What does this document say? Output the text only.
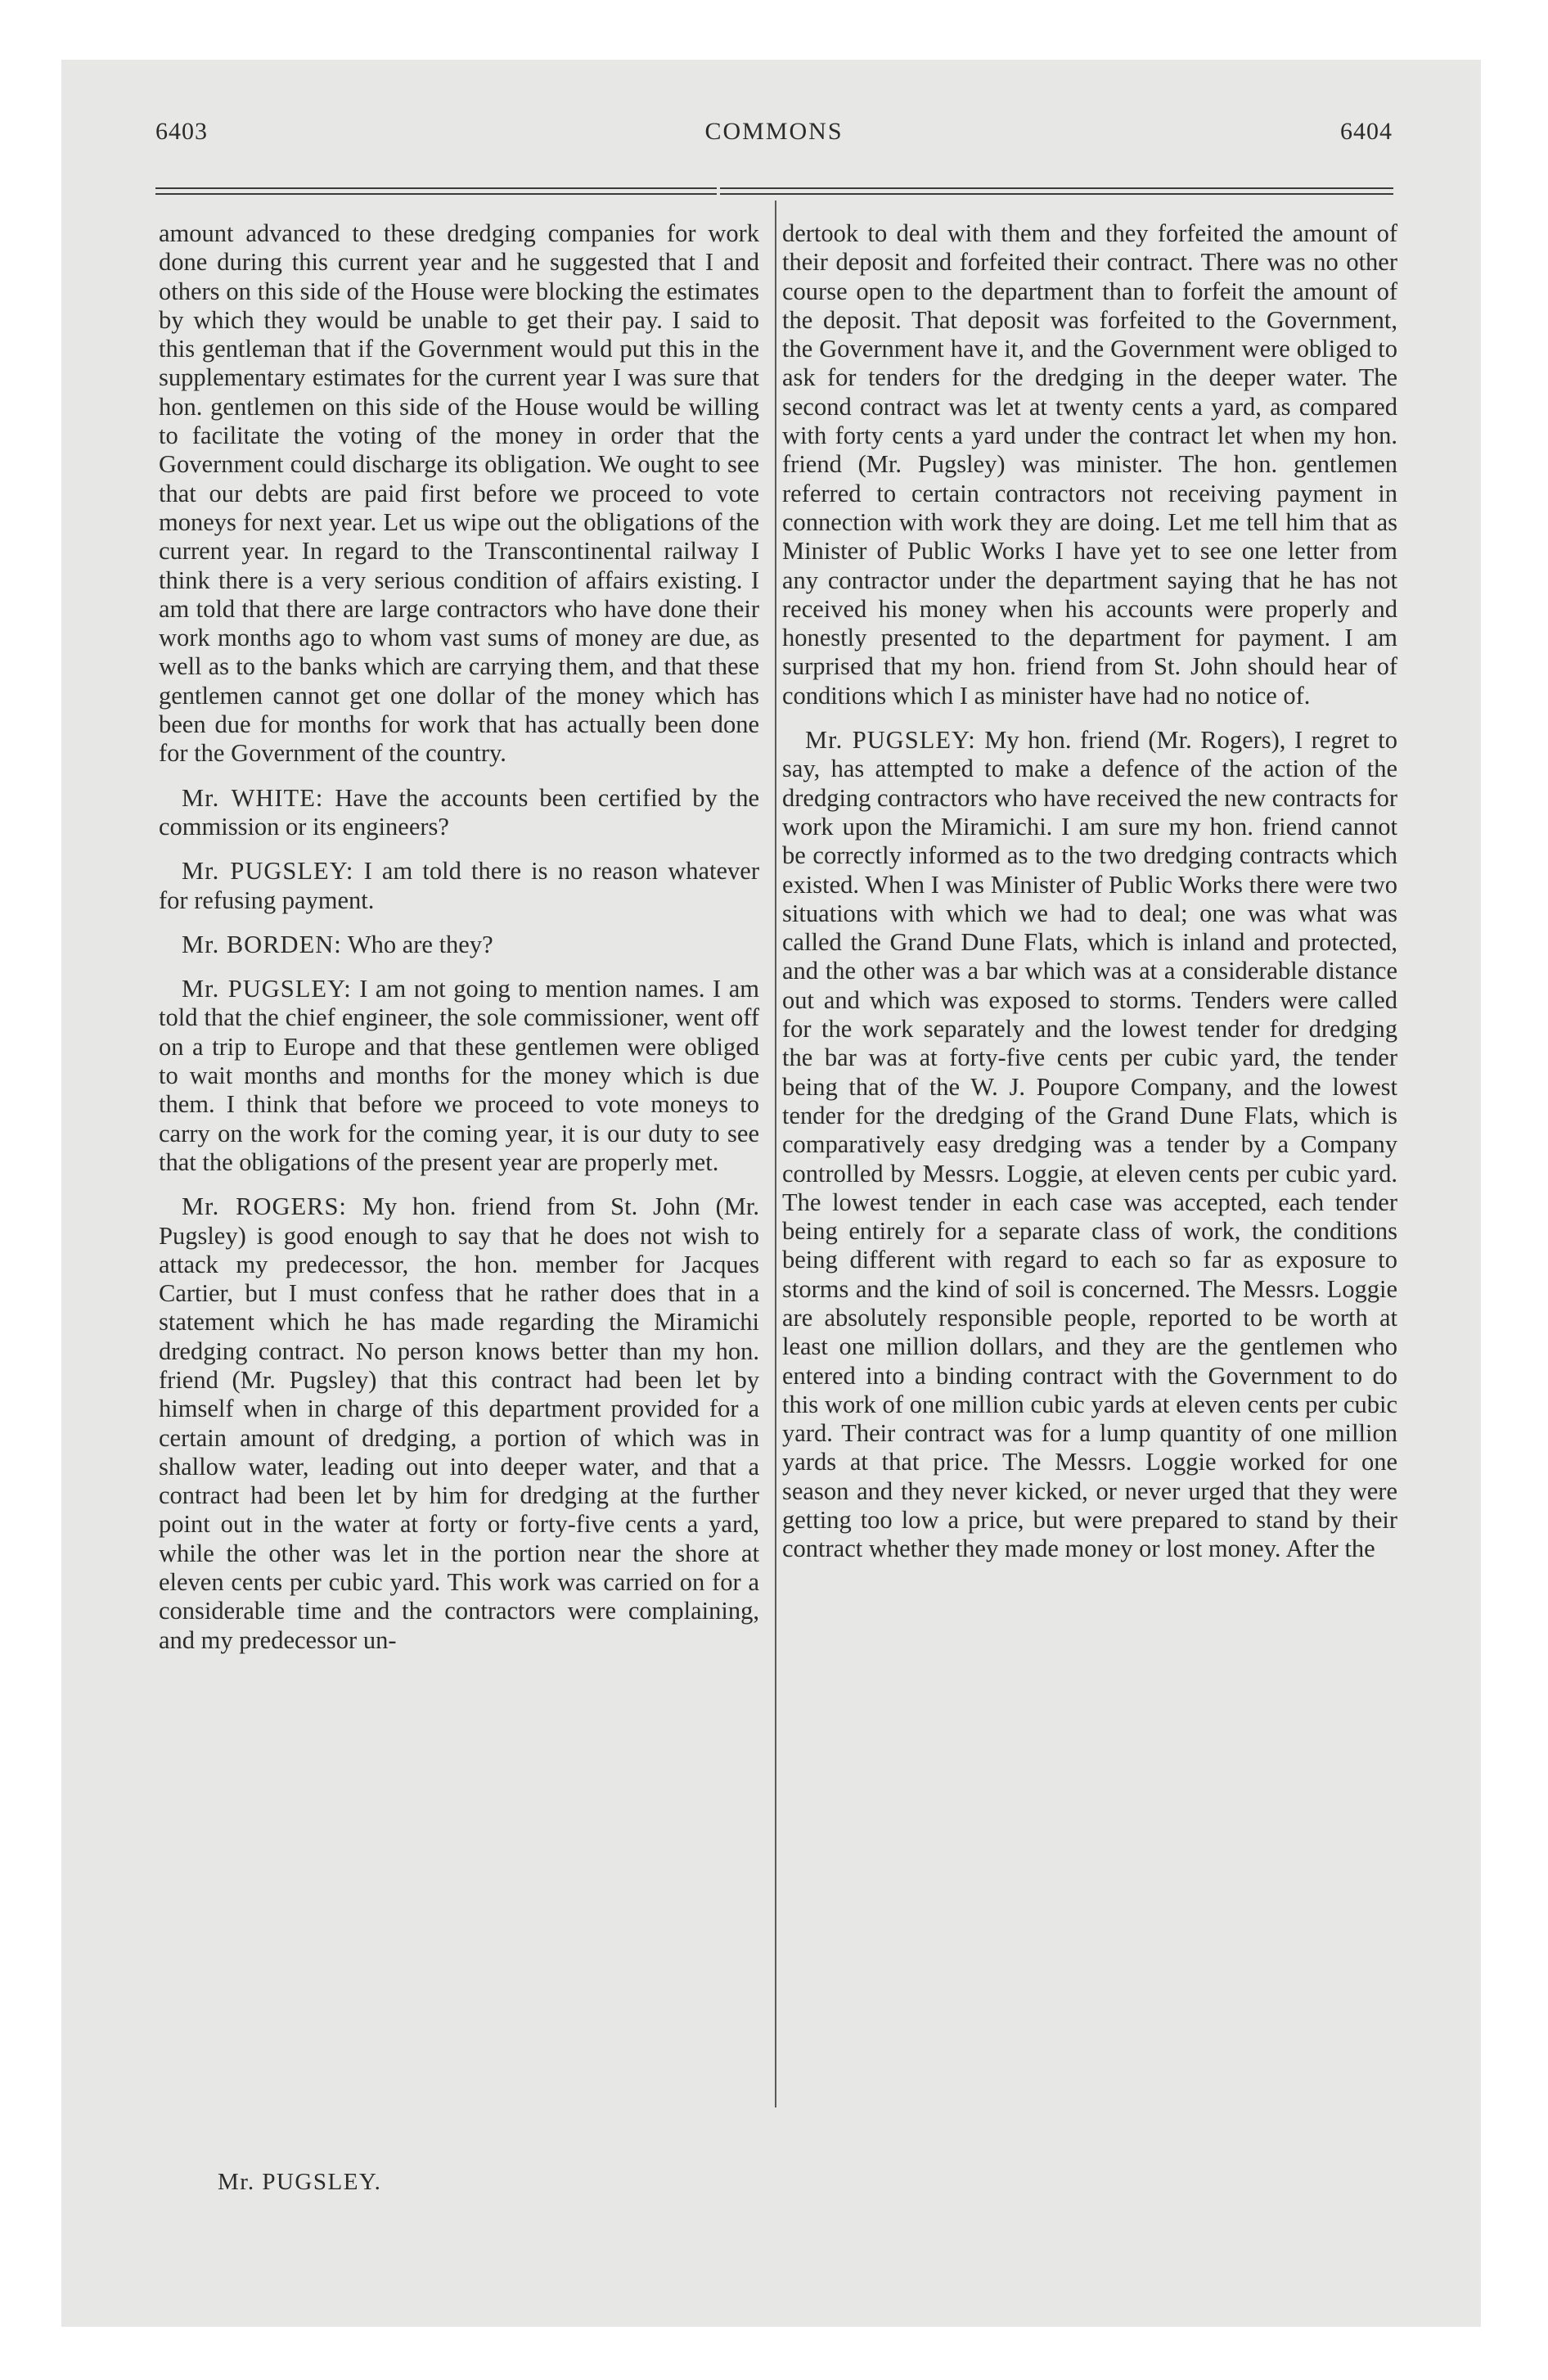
6403	COMMONS	6404

amount advanced to these dredging companies for work done during this current year and he suggested that I and others on this side of the House were blocking the estimates by which they would be unable to get their pay. I said to this gentleman that if the Government would put this in the supplementary estimates for the current year I was sure that hon. gentlemen on this side of the House would be willing to facilitate the voting of the money in order that the Government could discharge its obligation. We ought to see that our debts are paid first before we proceed to vote moneys for next year. Let us wipe out the obligations of the current year. In regard to the Transcontinental railway I think there is a very serious condition of affairs existing. I am told that there are large contractors who have done their work months ago to whom vast sums of money are due, as well as to the banks which are carrying them, and that these gentlemen cannot get one dollar of the money which has been due for months for work that has actually been done for the Government of the country.

Mr. WHITE: Have the accounts been certified by the commission or its engineers?

Mr. PUGSLEY: I am told there is no reason whatever for refusing payment.

Mr. BORDEN: Who are they?

Mr. PUGSLEY: I am not going to mention names. I am told that the chief engineer, the sole commissioner, went off on a trip to Europe and that these gentlemen were obliged to wait months and months for the money which is due them. I think that before we proceed to vote moneys to carry on the work for the coming year, it is our duty to see that the obligations of the present year are properly met.

Mr. ROGERS: My hon. friend from St. John (Mr. Pugsley) is good enough to say that he does not wish to attack my predecessor, the hon. member for Jacques Cartier, but I must confess that he rather does that in a statement which he has made regarding the Miramichi dredging contract. No person knows better than my hon. friend (Mr. Pugsley) that this contract had been let by himself when in charge of this department provided for a certain amount of dredging, a portion of which was in shallow water, leading out into deeper water, and that a contract had been let by him for dredging at the further point out in the water at forty or forty-five cents a yard, while the other was let in the portion near the shore at eleven cents per cubic yard. This work was carried on for a considerable time and the contractors were complaining, and my predecessor un-

dertook to deal with them and they forfeited the amount of their deposit and forfeited their contract. There was no other course open to the department than to forfeit the amount of the deposit. That deposit was forfeited to the Government, the Government have it, and the Government were obliged to ask for tenders for the dredging in the deeper water. The second contract was let at twenty cents a yard, as compared with forty cents a yard under the contract let when my hon. friend (Mr. Pugsley) was minister. The hon. gentlemen referred to certain contractors not receiving payment in connection with work they are doing. Let me tell him that as Minister of Public Works I have yet to see one letter from any contractor under the department saying that he has not received his money when his accounts were properly and honestly presented to the department for payment. I am surprised that my hon. friend from St. John should hear of conditions which I as minister have had no notice of.

Mr. PUGSLEY: My hon. friend (Mr. Rogers), I regret to say, has attempted to make a defence of the action of the dredging contractors who have received the new contracts for work upon the Miramichi. I am sure my hon. friend cannot be correctly informed as to the two dredging contracts which existed. When I was Minister of Public Works there were two situations with which we had to deal; one was what was called the Grand Dune Flats, which is inland and protected, and the other was a bar which was at a considerable distance out and which was exposed to storms. Tenders were called for the work separately and the lowest tender for dredging the bar was at forty-five cents per cubic yard, the tender being that of the W. J. Poupore Company, and the lowest tender for the dredging of the Grand Dune Flats, which is comparatively easy dredging was a tender by a Company controlled by Messrs. Loggie, at eleven cents per cubic yard. The lowest tender in each case was accepted, each tender being entirely for a separate class of work, the conditions being different with regard to each so far as exposure to storms and the kind of soil is concerned. The Messrs. Loggie are absolutely responsible people, reported to be worth at least one million dollars, and they are the gentlemen who entered into a binding contract with the Government to do this work of one million cubic yards at eleven cents per cubic yard. Their contract was for a lump quantity of one million yards at that price. The Messrs. Loggie worked for one season and they never kicked, or never urged that they were getting too low a price, but were prepared to stand by their contract whether they made money or lost money. After the

Mr. PUGSLEY.
